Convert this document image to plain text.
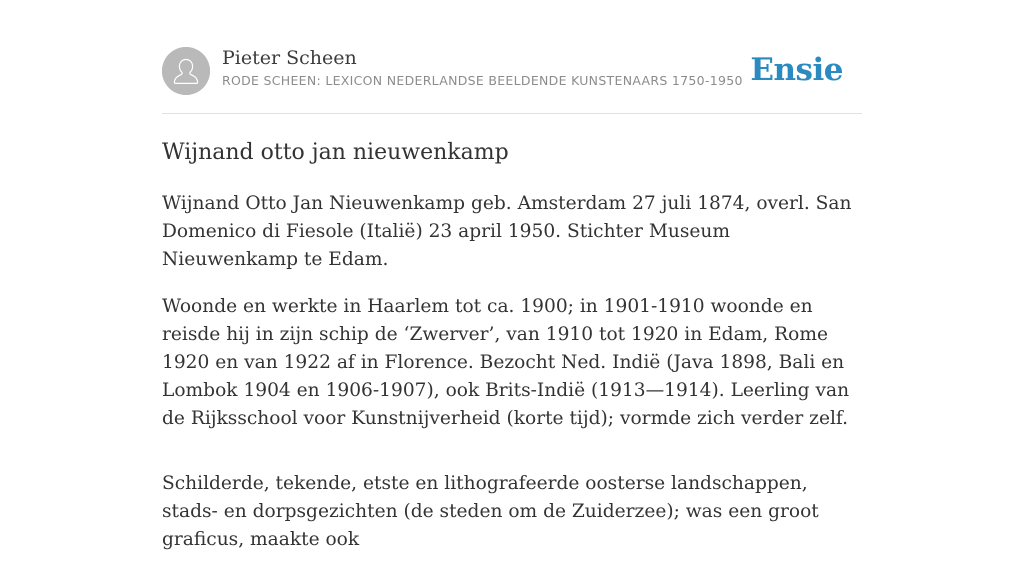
Pieter Scheen
RODE SCHEEN: LEXICON NEDERLANDSE BEELDENDE KUNSTENAARS 1750-1950 Ensie
Wijnand otto jan nieuwenkamp

Wijnand Otto Jan Nieuwenkamp geb. Amsterdam 27 juli 1874, overl. San Domenico di Fiesole (Italië) 23 april 1950. Stichter Museum Nieuwenkamp te Edam.

Woonde en werkte in Haarlem tot ca. 1900; in 1901-1910 woonde en reisde hij in zijn schip de ‘Zwerver’, van 1910 tot 1920 in Edam, Rome 1920 en van 1922 af in Florence. Bezocht Ned. Indië (Java 1898, Bali en Lombok 1904 en 1906-1907), ook Brits-Indië (1913—1914). Leerling van de Rijksschool voor Kunstnijverheid (korte tijd); vormde zich verder zelf.

Schilderde, tekende, etste en lithografeerde oosterse landschappen, stads- en dorpsgezichten (de steden om de Zuiderzee); was een groot graficus, maakte ook
